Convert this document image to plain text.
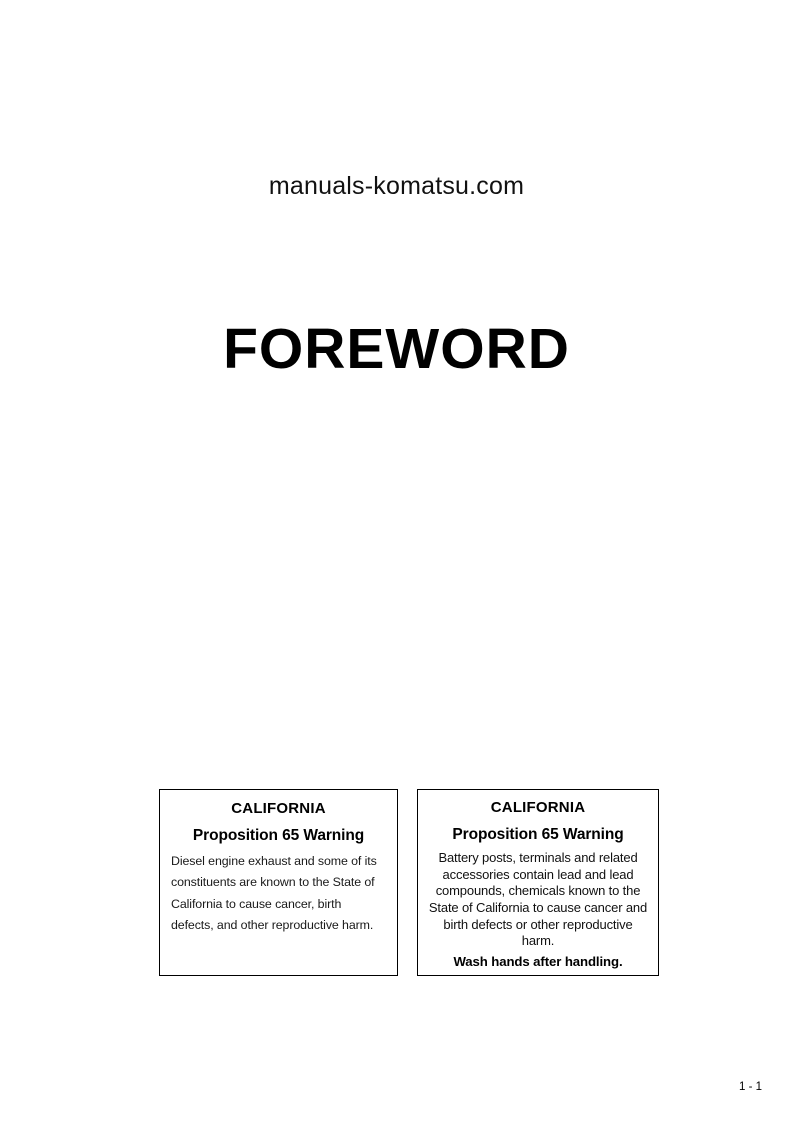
manuals-komatsu.com
FOREWORD
CALIFORNIA
Proposition 65 Warning
Diesel engine exhaust and some of its constituents are known to the State of California to cause cancer, birth defects, and other reproductive harm.
CALIFORNIA
Proposition 65 Warning
Battery posts, terminals and related accessories contain lead and lead compounds, chemicals known to the State of California to cause cancer and birth defects or other reproductive harm.
Wash hands after handling.
1 - 1
